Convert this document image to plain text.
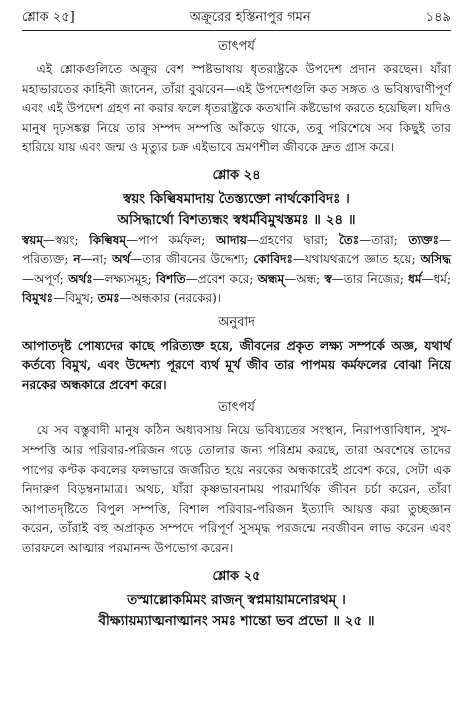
শ্লোক ২৫]	অক্রূরের হস্তিনাপুর গমন	১৪৯
তাৎপর্য

এই শ্লোকগুলিতে অক্রূর বেশ স্পষ্টভাষায় ধৃতরাষ্ট্রকে উপদেশ প্রদান করছেন। যাঁরা মহাভারতের কাহিনী জানেন, তাঁরা বুঝবেন—এই উপদেশগুলি কত সঙ্গত ও ভবিষ্যদ্বাণীপূর্ণ এবং এই উপদেশ গ্রহণ না করার ফলে ধৃতরাষ্ট্রকে কতখানি কষ্টভোগ করতে হয়েছিল। যদিও মানুষ দৃঢ়সঙ্কল্প নিয়ে তার সম্পদ সম্পত্তি আঁকড়ে থাকে, তবু পরিশেষে সব কিছুই তার হারিয়ে যায় এবং জন্ম ও মৃত্যুর চক্র এইভাবে ভ্রমণশীল জীবকে দ্রুত গ্রাস করে।

শ্লোক ২৪

স্বয়ং কিল্বিষমাদায় তৈস্ত্যক্তো নার্থকোবিদঃ ।

অসিদ্ধার্থো বিশত্যন্ধং স্বধর্মবিমুখস্তমঃ ॥ ২৪ ॥

স্বয়ম্—স্বয়ং; কিল্বিষম্—পাপ কর্মফল; আদায়—গ্রহণের দ্বারা; তৈঃ—তারা; ত্যক্তঃ—পরিত্যক্ত; ন—না; অর্থ—তার জীবনের উদ্দেশ্য; কোবিদঃ—যথাযথরূপে জ্ঞাত হয়ে; অসিদ্ধ—অপূর্ণ; অর্থঃ—লক্ষ্যসমূহ; বিশতি—প্রবেশ করে; অন্ধম্—অন্ধ; স্ব—তার নিজের; ধর্ম—ধর্ম; বিমুখঃ—বিমুখ; তমঃ—অন্ধকার (নরকের)।

অনুবাদ

আপাতদৃষ্ট পোষ্যদের কাছে পরিত্যক্ত হয়ে, জীবনের প্রকৃত লক্ষ্য সম্পর্কে অজ্ঞ, যথার্থ কর্তব্যে বিমুখ, এবং উদ্দেশ্য পূরণে ব্যর্থ মূর্খ জীব তার পাপময় কর্মফলের বোঝা নিয়ে নরকের অন্ধকারে প্রবেশ করে।

তাৎপর্য

যে সব বস্তুবাদী মানুষ কঠিন অধ্যবসায় নিয়ে ভবিষ্যতের সংস্থান, নিরাপত্তাবিধান, সুখ-সম্পত্তি আর পরিবার-পরিজন গড়ে তোলার জন্য পরিশ্রম করছে, তারা অবশেষে তাদের পাপের কণ্টক কবলের ফলভারে জর্জরিত হয়ে নরকের অন্ধকারেই প্রবেশ করে, সেটা এক নিদারুণ বিড়ম্বনামাত্র। অথচ, যাঁরা কৃষ্ণভাবনাময় পারমার্থিক জীবন চর্চা করেন, তাঁরা আপাতদৃষ্টিতে বিপুল সম্পত্তি, বিশাল পরিবার-পরিজন ইত্যাদি আয়ত্ত করা তুচ্ছজ্ঞান করেন, তাঁরাই বহু অপ্রাকৃত সম্পদে পরিপূর্ণ সুসমৃদ্ধ পরজন্মে নবজীবন লাভ করেন এবং তারফলে আত্মার পরমানন্দ উপভোগ করেন।

শ্লোক ২৫

তস্মাল্লোকমিমং রাজন্ স্বপ্নমায়ামনোরথম্ ।

বীক্ষ্যায়ম্যাত্মনাত্মানং সমঃ শান্তো ভব প্রভো ॥ ২৫ ॥
